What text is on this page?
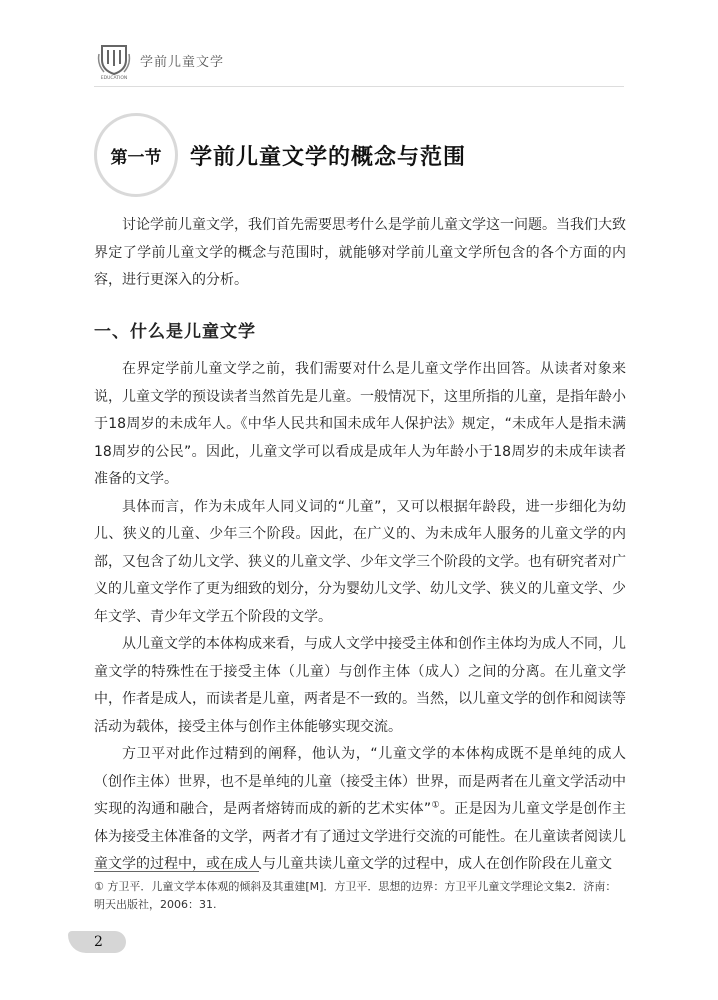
EDUCATION
学前儿童文学
第一节 学前儿童文学的概念与范围

讨论学前儿童文学，我们首先需要思考什么是学前儿童文学这一问题。当我们大致界定了学前儿童文学的概念与范围时，就能够对学前儿童文学所包含的各个方面的内容，进行更深入的分析。

一、什么是儿童文学

在界定学前儿童文学之前，我们需要对什么是儿童文学作出回答。从读者对象来说，儿童文学的预设读者当然首先是儿童。一般情况下，这里所指的儿童，是指年龄小于18周岁的未成年人。《中华人民共和国未成年人保护法》规定，“未成年人是指未满18周岁的公民”。因此，儿童文学可以看成是成年人为年龄小于18周岁的未成年读者准备的文学。

具体而言，作为未成年人同义词的“儿童”，又可以根据年龄段，进一步细化为幼儿、狭义的儿童、少年三个阶段。因此，在广义的、为未成年人服务的儿童文学的内部，又包含了幼儿文学、狭义的儿童文学、少年文学三个阶段的文学。也有研究者对广义的儿童文学作了更为细致的划分，分为婴幼儿文学、幼儿文学、狭义的儿童文学、少年文学、青少年文学五个阶段的文学。

从儿童文学的本体构成来看，与成人文学中接受主体和创作主体均为成人不同，儿童文学的特殊性在于接受主体（儿童）与创作主体（成人）之间的分离。在儿童文学中，作者是成人，而读者是儿童，两者是不一致的。当然，以儿童文学的创作和阅读等活动为载体，接受主体与创作主体能够实现交流。

方卫平对此作过精到的阐释，他认为，“儿童文学的本体构成既不是单纯的成人（创作主体）世界，也不是单纯的儿童（接受主体）世界，而是两者在儿童文学活动中实现的沟通和融合，是两者熔铸而成的新的艺术实体”①。正是因为儿童文学是创作主体为接受主体准备的文学，两者才有了通过文学进行交流的可能性。在儿童读者阅读儿童文学的过程中，或在成人与儿童共读儿童文学的过程中，成人在创作阶段在儿童文

① 方卫平．儿童文学本体观的倾斜及其重建[M]．方卫平．思想的边界：方卫平儿童文学理论文集2．济南：明天出版社，2006：31.
2
